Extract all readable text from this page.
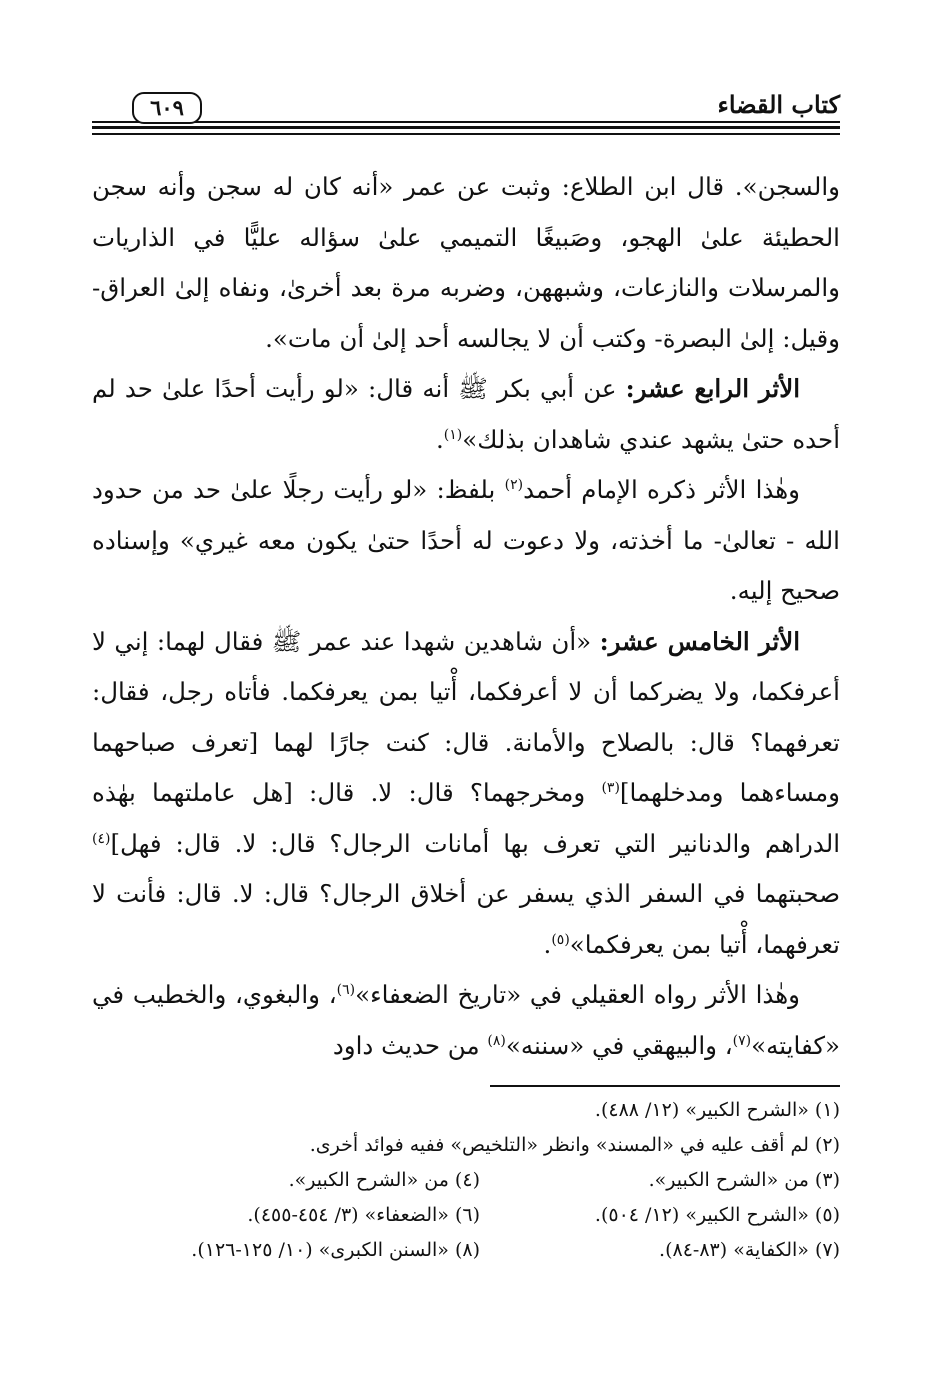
كتاب القضاء
٦٠٩

والسجن». قال ابن الطلاع: وثبت عن عمر «أنه كان له سجن وأنه سجن الحطيئة علىٰ الهجو، وصَبيغًا التميمي علىٰ سؤاله عليًّا في الذاريات والمرسلات والنازعات، وشبههن، وضربه مرة بعد أخرىٰ، ونفاه إلىٰ العراق- وقيل: إلىٰ البصرة- وكتب أن لا يجالسه أحد إلىٰ أن مات».

الأثر الرابع عشر: عن أبي بكر ﷺ أنه قال: «لو رأيت أحدًا علىٰ حد لم أحده حتىٰ يشهد عندي شاهدان بذلك»$^{(١)}$.

وهٰذا الأثر ذكره الإمام أحمد$^{(٢)}$ بلفظ: «لو رأيت رجلًا علىٰ حد من حدود الله - تعالىٰ- ما أخذته، ولا دعوت له أحدًا حتىٰ يكون معه غيري» وإسناده صحيح إليه.

الأثر الخامس عشر: «أن شاهدين شهدا عند عمر ﷺ فقال لهما: إني لا أعرفكما، ولا يضركما أن لا أعرفكما، أْتيا بمن يعرفكما. فأتاه رجل، فقال: تعرفهما؟ قال: بالصلاح والأمانة. قال: كنت جارًا لهما [تعرف صباحهما ومساءهما ومدخلهما]$^{(٣)}$ ومخرجهما؟ قال: لا. قال: [هل عاملتهما بهٰذه الدراهم والدنانير التي تعرف بها أمانات الرجال؟ قال: لا. قال: فهل]$^{(٤)}$ صحبتهما في السفر الذي يسفر عن أخلاق الرجال؟ قال: لا. قال: فأنت لا تعرفهما، أْتيا بمن يعرفكما»$^{(٥)}$.

وهٰذا الأثر رواه العقيلي في «تاريخ الضعفاء»$^{(٦)}$، والبغوي، والخطيب في «كفايته»$^{(٧)}$، والبيهقي في «سننه»$^{(٨)}$ من حديث داود

(١) «الشرح الكبير» (١٢/ ٤٨٨).

(٢) لم أقف عليه في «المسند» وانظر «التلخيص» ففيه فوائد أخرى.

(٣) من «الشرح الكبير».

(٤) من «الشرح الكبير».

(٥) «الشرح الكبير» (١٢/ ٥٠٤).

(٦) «الضعفاء» (٣/ ٤٥٤-٤٥٥).

(٧) «الكفاية» (٨٣-٨٤).

(٨) «السنن الكبرى» (١٠/ ١٢٥-١٢٦).
